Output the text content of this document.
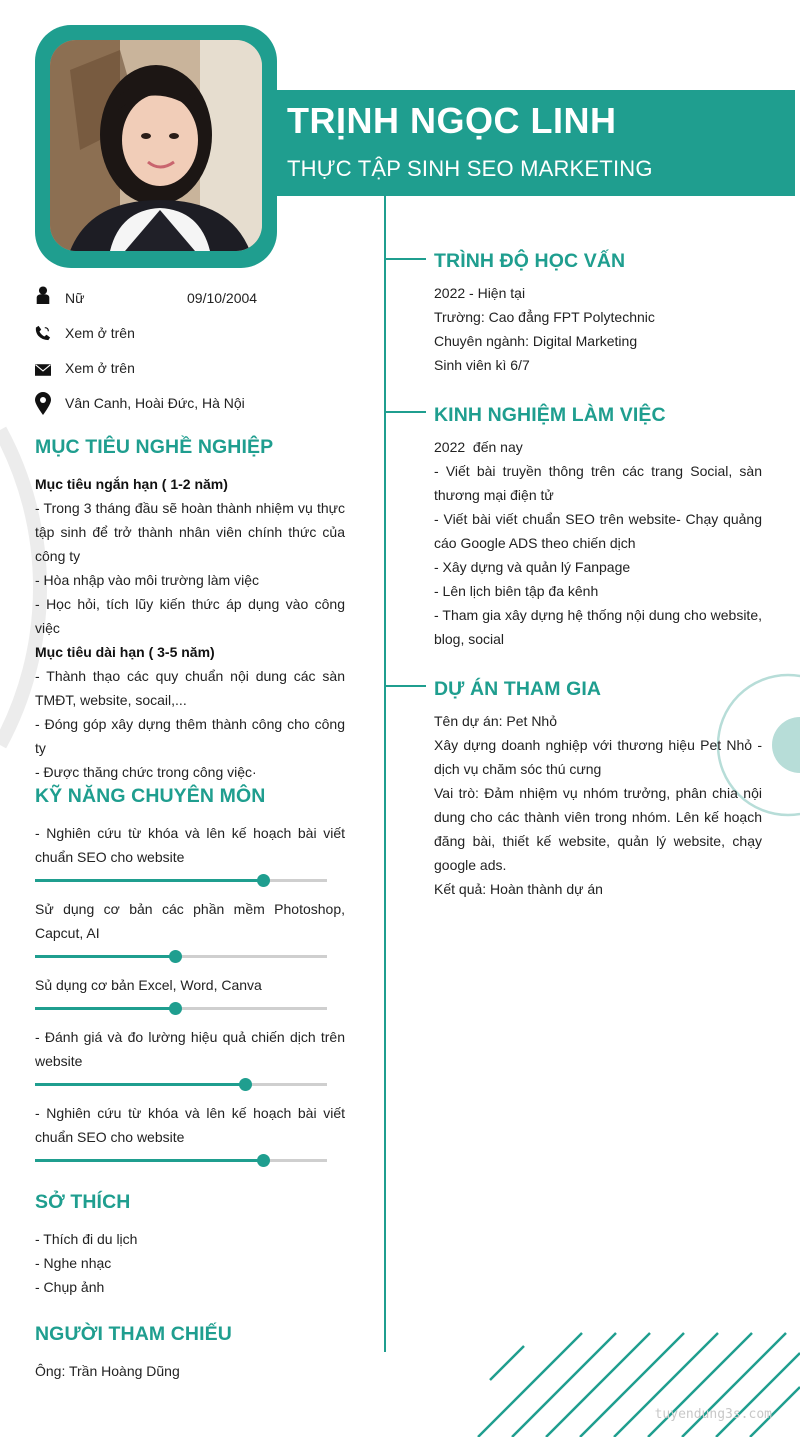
TRỊNH NGỌC LINH
THỰC TẬP SINH SEO MARKETING
Nữ	09/10/2004
Xem ở trên
Xem ở trên
Vân Canh, Hoài Đức, Hà Nội
MỤC TIÊU NGHỀ NGHIỆP
Mục tiêu ngắn hạn ( 1-2 năm)
- Trong 3 tháng đầu sẽ hoàn thành nhiệm vụ thực tập sinh để trở thành nhân viên chính thức của công ty
- Hòa nhập vào môi trường làm việc
- Học hỏi, tích lũy kiến thức áp dụng vào công việc
Mục tiêu dài hạn ( 3-5 năm)
- Thành thạo các quy chuẩn nội dung các sàn TMĐT, website, socail,...
- Đóng góp xây dựng thêm thành công cho công ty
- Được thăng chức trong công việc·
KỸ NĂNG CHUYÊN MÔN
- Nghiên cứu từ khóa và lên kế hoạch bài viết chuẩn SEO cho website
Sử dụng cơ bản các phần mềm Photoshop, Capcut, AI
Sủ dụng cơ bản Excel, Word, Canva
- Đánh giá và đo lường hiệu quả chiến dịch trên website
- Nghiên cứu từ khóa và lên kế hoạch bài viết chuẩn SEO cho website
SỞ THÍCH
- Thích đi du lịch
- Nghe nhạc
- Chụp ảnh
NGƯỜI THAM CHIẾU
Ông: Trần Hoàng Dũng
TRÌNH ĐỘ HỌC VẤN
2022 - Hiện tại
Trường: Cao đẳng FPT Polytechnic
Chuyên ngành: Digital Marketing
Sinh viên kì 6/7
KINH NGHIỆM LÀM VIỆC
2022  đến nay
- Viết bài truyền thông trên các trang Social, sàn thương mại điện tử
- Viết bài viết chuẩn SEO trên website- Chạy quảng cáo Google ADS theo chiến dịch
- Xây dựng và quản lý Fanpage
- Lên lịch biên tập đa kênh
- Tham gia xây dựng hệ thống nội dung cho website, blog, social
DỰ ÁN THAM GIA
Tên dự án: Pet Nhỏ
Xây dựng doanh nghiệp với thương hiệu Pet Nhỏ - dịch vụ chăm sóc thú cưng
Vai trò: Đảm nhiệm vụ nhóm trưởng, phân chia nội dung cho các thành viên trong nhóm. Lên kế hoạch đăng bài, thiết kế website, quản lý website, chạy google ads.
Kết quả: Hoàn thành dự án
tuyendung3s.com
